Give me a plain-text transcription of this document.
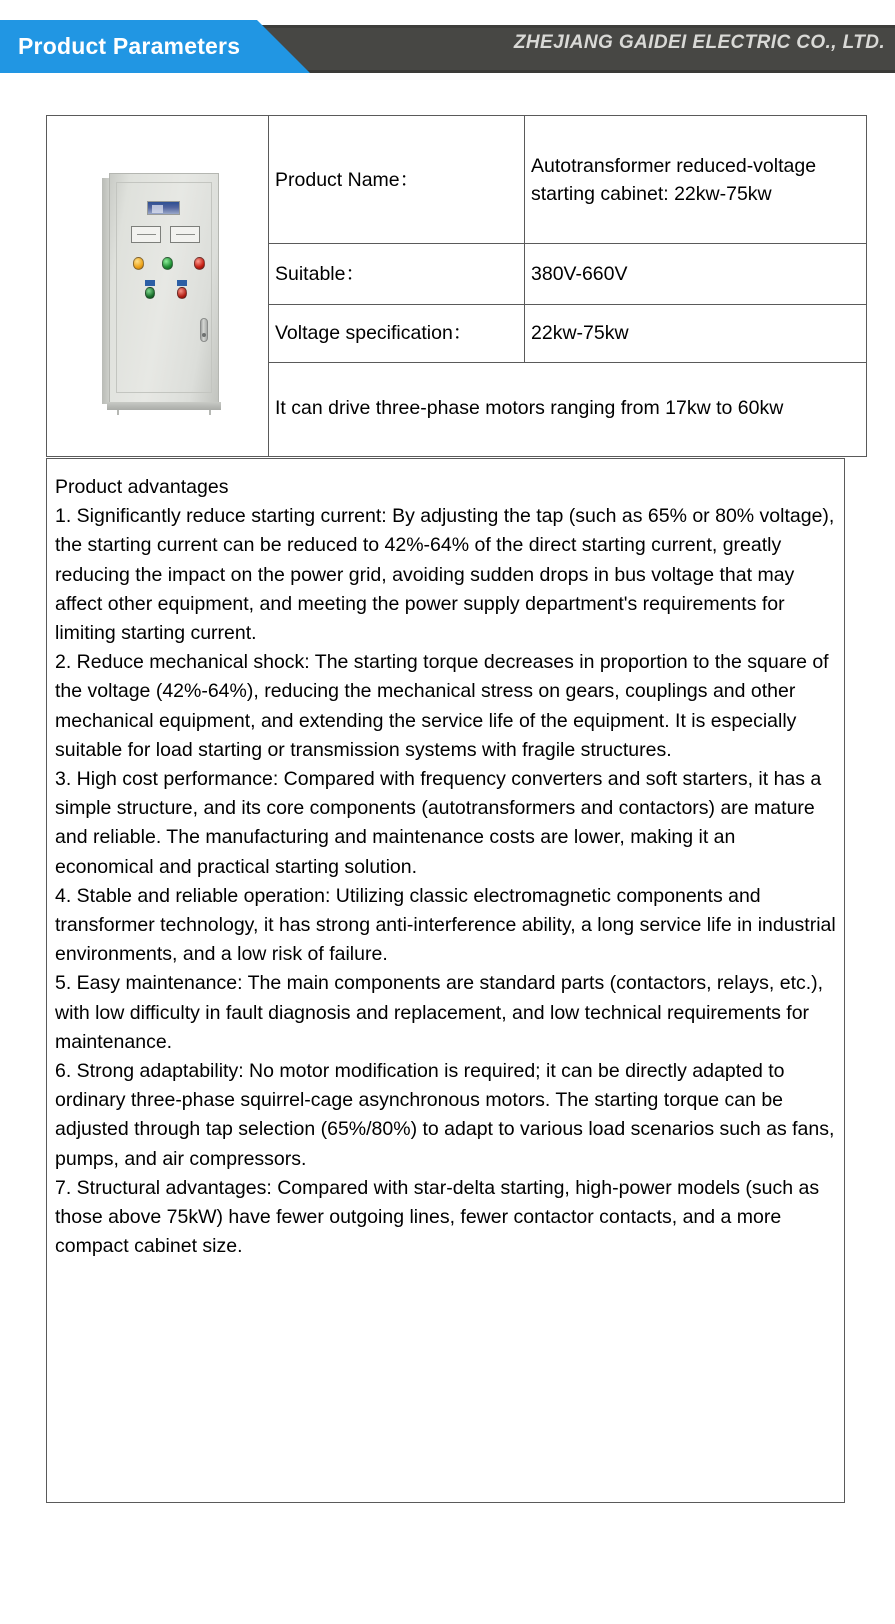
Product Parameters	ZHEJIANG GAIDEI ELECTRIC CO., LTD.
	Product Name：	Autotransformer reduced-voltage starting cabinet: 22kw-75kw
	Suitable：	380V-660V
	Voltage specification：	22kw-75kw
	It can drive three-phase motors ranging from 17kw to 60kw	

Product advantages

1. Significantly reduce starting current: By adjusting the tap (such as 65% or 80% voltage), the starting current can be reduced to 42%-64% of the direct starting current, greatly reducing the impact on the power grid, avoiding sudden drops in bus voltage that may affect other equipment, and meeting the power supply department's requirements for limiting starting current.

2. Reduce mechanical shock: The starting torque decreases in proportion to the square of the voltage (42%-64%), reducing the mechanical stress on gears, couplings and other mechanical equipment, and extending the service life of the equipment. It is especially suitable for load starting or transmission systems with fragile structures.

3. High cost performance: Compared with frequency converters and soft starters, it has a simple structure, and its core components (autotransformers and contactors) are mature and reliable. The manufacturing and maintenance costs are lower, making it an economical and practical starting solution.

4. Stable and reliable operation: Utilizing classic electromagnetic components and transformer technology, it has strong anti-interference ability, a long service life in industrial environments, and a low risk of failure.

5. Easy maintenance: The main components are standard parts (contactors, relays, etc.), with low difficulty in fault diagnosis and replacement, and low technical requirements for maintenance.

6. Strong adaptability: No motor modification is required; it can be directly adapted to ordinary three-phase squirrel-cage asynchronous motors. The starting torque can be adjusted through tap selection (65%/80%) to adapt to various load scenarios such as fans, pumps, and air compressors.

7. Structural advantages: Compared with star-delta starting, high-power models (such as those above 75kW) have fewer outgoing lines, fewer contactor contacts, and a more compact cabinet size.
